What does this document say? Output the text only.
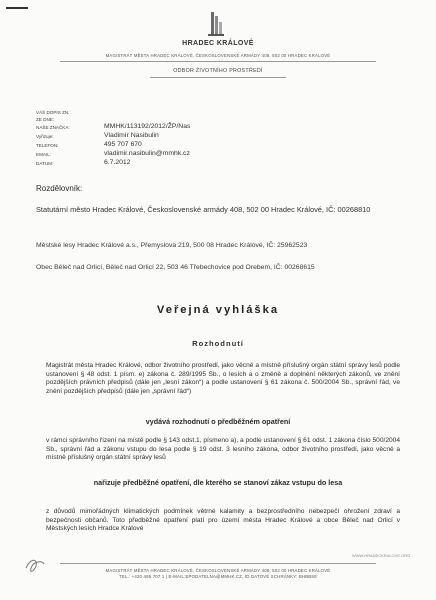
HRADEC KRÁLOVÉ
MAGISTRÁT MĚSTA HRADEC KRÁLOVÉ, ČESKOSLOVENSKÉ ARMÁDY 408, 502 00 HRADEC KRÁLOVÉ
ODBOR ŽIVOTNÍHO PROSTŘEDÍ
VÁŠ DOPIS ZN.:
ZE DNE:
NAŠE ZNAČKA:
Vyřizuje:
TELEFON:
EMAIL:
DATUM:
MMHK/113192/2012/ŽP/Nas
Vladimír Nasibulin
495 707 670
vladimir.nasibulin@mmhk.cz
6.7.2012
Rozdělovník:
Statutární město Hradec Králové, Československé armády 408, 502 00 Hradec Králové, IČ: 00268810
Městské lesy Hradec Králové a.s., Přemyslova 219, 500 08 Hradec Králové, IČ: 25962523
Obec Běleč nad Orlicí, Běleč nad Orlicí 22, 503 46 Třebechovice pod Orebem, IČ: 00268615
Veřejná vyhláška
Rozhodnutí
Magistrát města Hradec Králové, odbor životního prostředí, jako věcně a místně příslušný orgán státní správy lesů podle ustanovení § 48 odst. 1 písm. e) zákona č. 289/1995 Sb., o lesích a o změně a doplnění některých zákonů, ve znění pozdějších právních předpisů (dále jen „lesní zákon“) a podle ustanovení § 61 zákona č. 500/2004 Sb., správní řád, ve znění pozdějších předpisů (dále jen „správní řád“)
vydává rozhodnutí o předběžném opatření
v rámci správního řízení na místě podle § 143 odst.1, písmeno a), a podle ustanovení § 61 odst. 1 zákona číslo 500/2004 Sb., správní řád a zákonu vstupu do lesa podle § 19 odst. 3 lesního zákona, odbor životního prostředí, jako věcně a místně příslušný orgán státní správy lesů
nařizuje předběžné opatření, dle kterého se stanoví zákaz vstupu do lesa
z důvodů mimořádných klimatických podmínek větrné kalamity a bezprostředního nebezpečí ohrožení zdraví a bezpečnosti občanů. Toto předběžné opatření platí pro území města Hradec Králové a obce Běleč nad Orlicí v Městských lesích Hradce Králové
WWW.HRADECKRALOVE.ORG
MAGISTRÁT MĚSTA HRADEC KRÁLOVÉ, ČESKOSLOVENSKÉ ARMÁDY 408, 502 00 HRADEC KRÁLOVÉ
TEL.: +420 495 707 1 | E-MAIL:EPODATELNA@MMHK.CZ, ID DATOVÉ SCHRÁNKY: BHBB9S
